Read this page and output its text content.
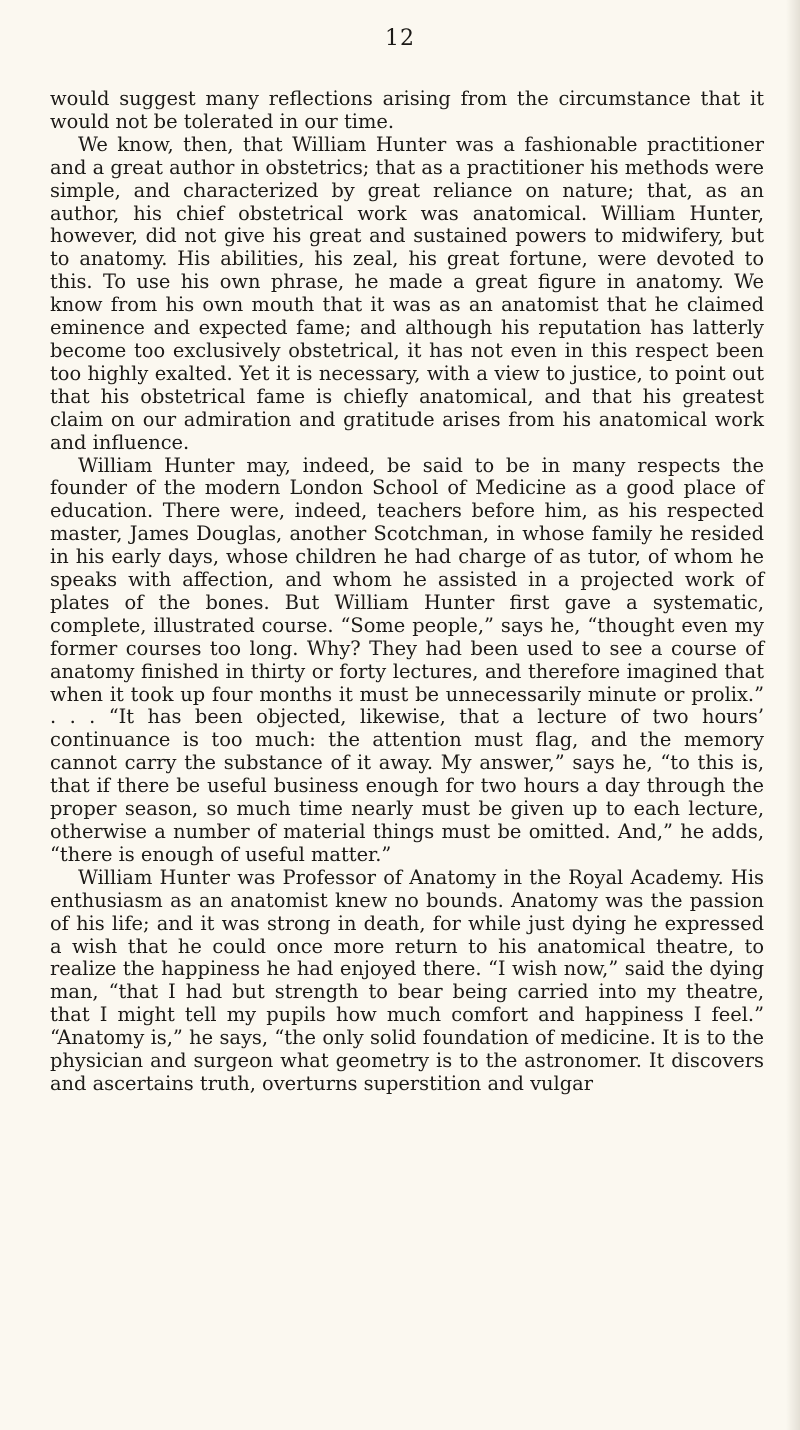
12

would suggest many reflections arising from the circumstance that it would not be tolerated in our time.

We know, then, that William Hunter was a fashionable practitioner and a great author in obstetrics; that as a practitioner his methods were simple, and characterized by great reliance on nature; that, as an author, his chief obstetrical work was anatomical. William Hunter, however, did not give his great and sustained powers to midwifery, but to anatomy. His abilities, his zeal, his great fortune, were devoted to this. To use his own phrase, he made a great figure in anatomy. We know from his own mouth that it was as an anatomist that he claimed eminence and expected fame; and although his reputation has latterly become too exclusively obstetrical, it has not even in this respect been too highly exalted. Yet it is necessary, with a view to justice, to point out that his obstetrical fame is chiefly anatomical, and that his greatest claim on our admiration and gratitude arises from his anatomical work and influence.

William Hunter may, indeed, be said to be in many respects the founder of the modern London School of Medicine as a good place of education. There were, indeed, teachers before him, as his respected master, James Douglas, another Scotchman, in whose family he resided in his early days, whose children he had charge of as tutor, of whom he speaks with affection, and whom he assisted in a projected work of plates of the bones. But William Hunter first gave a systematic, complete, illustrated course. “Some people,” says he, “thought even my former courses too long. Why? They had been used to see a course of anatomy finished in thirty or forty lectures, and therefore imagined that when it took up four months it must be unnecessarily minute or prolix.” . . . “It has been objected, likewise, that a lecture of two hours’ continuance is too much: the attention must flag, and the memory cannot carry the substance of it away. My answer,” says he, “to this is, that if there be useful business enough for two hours a day through the proper season, so much time nearly must be given up to each lecture, otherwise a number of material things must be omitted. And,” he adds, “there is enough of useful matter.”

William Hunter was Professor of Anatomy in the Royal Academy. His enthusiasm as an anatomist knew no bounds. Anatomy was the passion of his life; and it was strong in death, for while just dying he expressed a wish that he could once more return to his anatomical theatre, to realize the happiness he had enjoyed there. “I wish now,” said the dying man, “that I had but strength to bear being carried into my theatre, that I might tell my pupils how much comfort and happiness I feel.” “Anatomy is,” he says, “the only solid foundation of medicine. It is to the physician and surgeon what geometry is to the astronomer. It discovers and ascertains truth, overturns superstition and vulgar
